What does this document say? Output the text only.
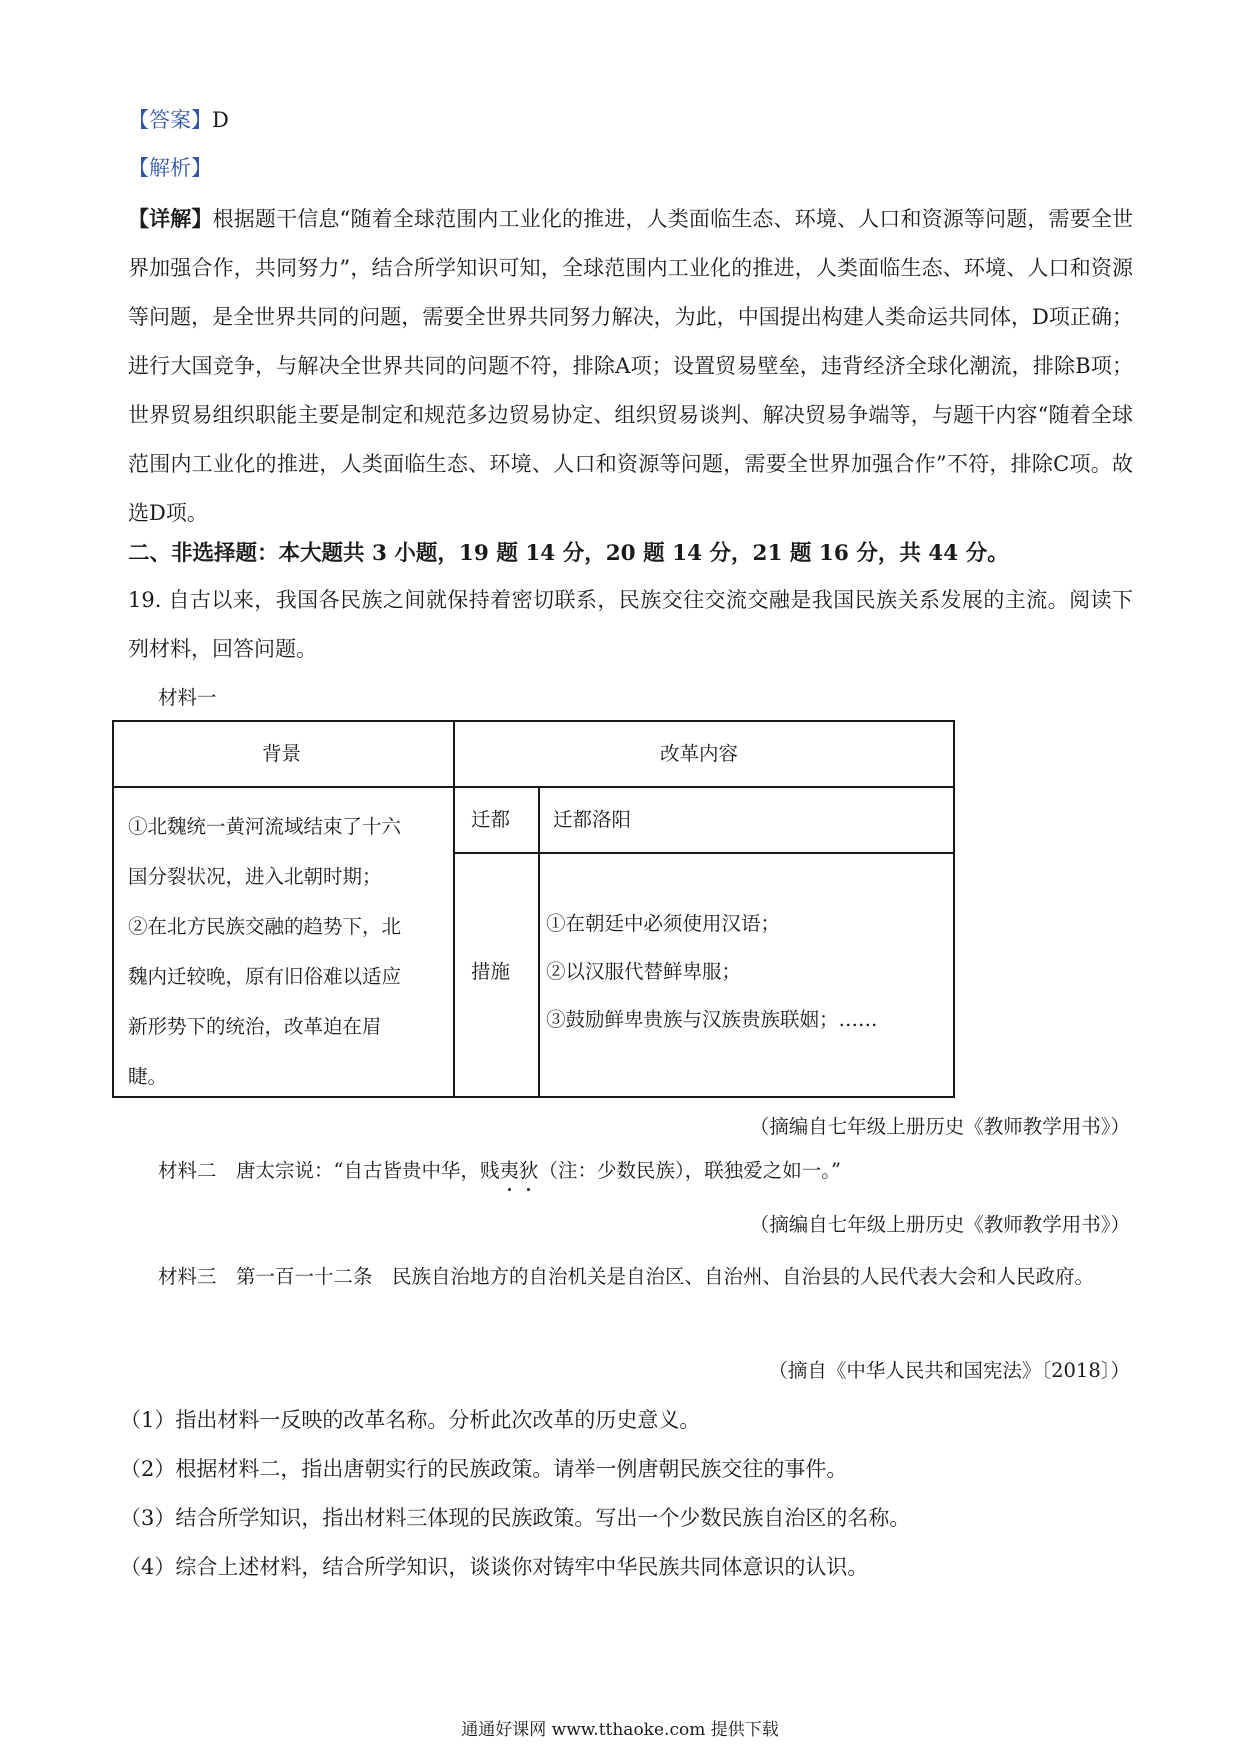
【答案】D
【解析】
【详解】根据题干信息“随着全球范围内工业化的推进，人类面临生态、环境、人口和资源等问题，需要全世界加强合作，共同努力”，结合所学知识可知，全球范围内工业化的推进，人类面临生态、环境、人口和资源等问题，是全世界共同的问题，需要全世界共同努力解决，为此，中国提出构建人类命运共同体，D项正确；进行大国竞争，与解决全世界共同的问题不符，排除A项；设置贸易壁垒，违背经济全球化潮流，排除B项；世界贸易组织职能主要是制定和规范多边贸易协定、组织贸易谈判、解决贸易争端等，与题干内容“随着全球范围内工业化的推进，人类面临生态、环境、人口和资源等问题，需要全世界加强合作”不符，排除C项。故选D项。
二、非选择题：本大题共 3 小题，19 题 14 分，20 题 14 分，21 题 16 分，共 44 分。
19. 自古以来，我国各民族之间就保持着密切联系，民族交往交流交融是我国民族关系发展的主流。阅读下列材料，回答问题。
材料一
背景	改革内容
①北魏统一黄河流域结束了十六
国分裂状况，进入北朝时期；
②在北方民族交融的趋势下，北
魏内迁较晚，原有旧俗难以适应
新形势下的统治，改革迫在眉
睫。
迁都 迁都洛阳
措施
①在朝廷中必须使用汉语；
②以汉服代替鲜卑服；
③鼓励鲜卑贵族与汉族贵族联姻；……
（摘编自七年级上册历史《教师教学用书》）
材料二　唐太宗说：“自古皆贵中华，贱夷狄（注：少数民族），联独爱之如一。”
（摘编自七年级上册历史《教师教学用书》）
材料三　第一百一十二条　民族自治地方的自治机关是自治区、自治州、自治县的人民代表大会和人民政府。
（摘自《中华人民共和国宪法》〔2018〕）
（1）指出材料一反映的改革名称。分析此次改革的历史意义。
（2）根据材料二，指出唐朝实行的民族政策。请举一例唐朝民族交往的事件。
（3）结合所学知识，指出材料三体现的民族政策。写出一个少数民族自治区的名称。
（4）综合上述材料，结合所学知识，谈谈你对铸牢中华民族共同体意识的认识。
通通好课网 www.tthaoke.com 提供下载
